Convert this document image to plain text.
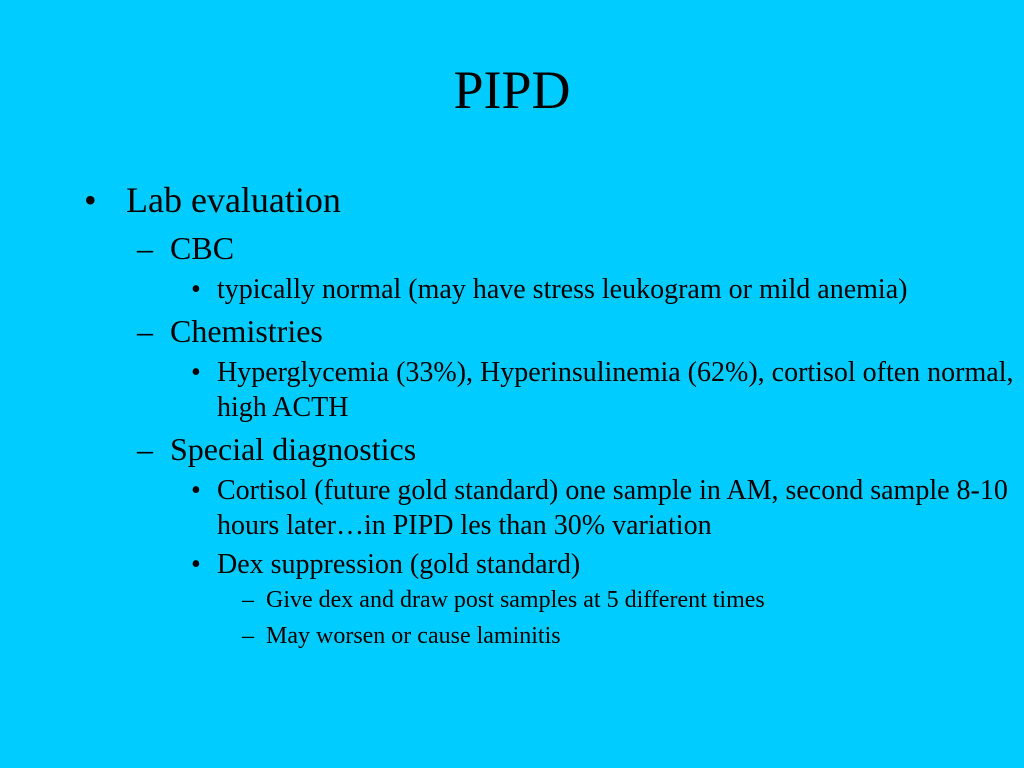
PIPD
• Lab evaluation
– CBC
• typically normal (may have stress leukogram or mild anemia)
– Chemistries
• Hyperglycemia (33%), Hyperinsulinemia (62%), cortisol often normal, high ACTH
– Special diagnostics
• Cortisol (future gold standard) one sample in AM, second sample 8-10 hours later…in PIPD les than 30% variation
• Dex suppression (gold standard)
– Give dex and draw post samples at 5 different times
– May worsen or cause laminitis
